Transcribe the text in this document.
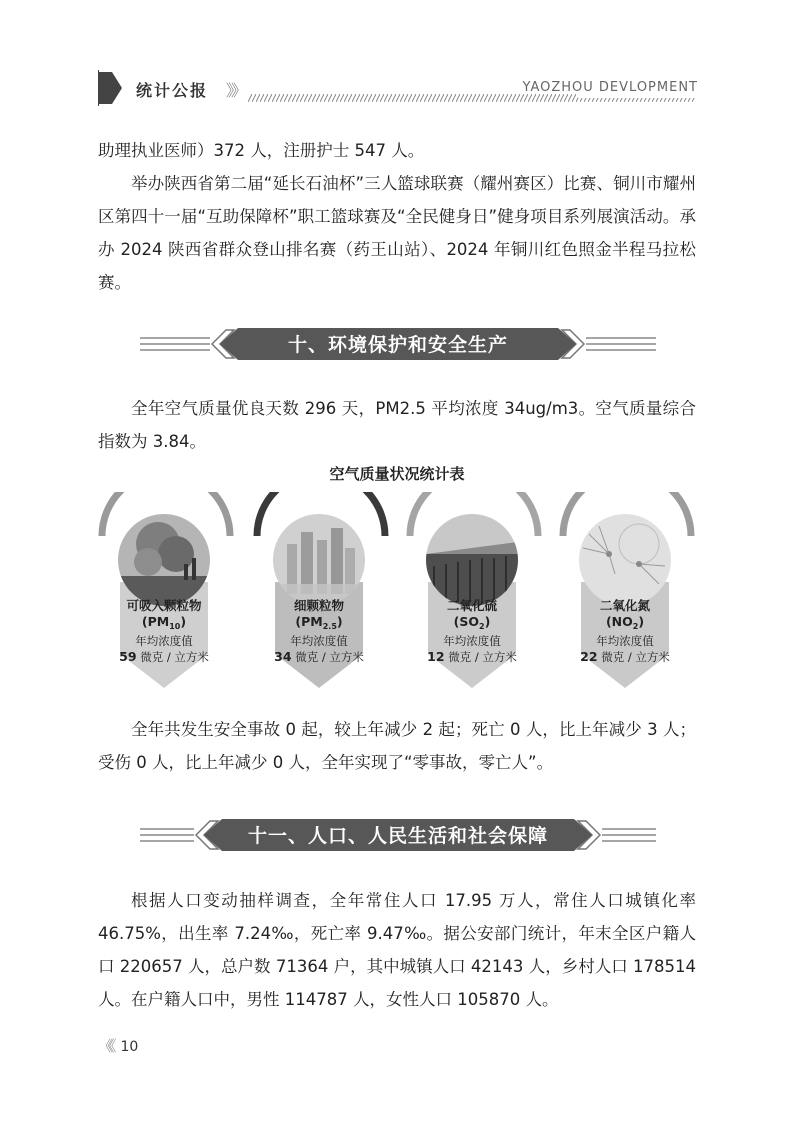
统计公报 》》	YAOZHOU DEVLOPMENT
助理执业医师）372 人，注册护士 547 人。
举办陕西省第二届“延长石油杯”三人篮球联赛（耀州赛区）比赛、铜川市耀州区第四十一届“互助保障杯”职工篮球赛及“全民健身日”健身项目系列展演活动。承办 2024 陕西省群众登山排名赛（药王山站）、2024 年铜川红色照金半程马拉松赛。
十、环境保护和安全生产
全年空气质量优良天数 296 天，PM2.5 平均浓度 34ug/m3。空气质量综合指数为 3.84。
空气质量状况统计表
可吸入颗粒物
$(PM_{10})$
年均浓度值
59 微克 / 立方米
细颗粒物
$(PM_{2.5})$
年均浓度值
34 微克 / 立方米
二氧化硫
$(SO_2)$
年均浓度值
12 微克 / 立方米
二氧化氮
$(NO_2)$
年均浓度值
22 微克 / 立方米
全年共发生安全事故 0 起，较上年减少 2 起；死亡 0 人，比上年减少 3 人；受伤 0 人，比上年减少 0 人，全年实现了“零事故，零亡人”。
十一、人口、人民生活和社会保障
根据人口变动抽样调查，全年常住人口 17.95 万人，常住人口城镇化率 46.75%，出生率 7.24‰，死亡率 9.47‰。据公安部门统计，年末全区户籍人口 220657 人，总户数 71364 户，其中城镇人口 42143 人，乡村人口 178514 人。在户籍人口中，男性 114787 人，女性人口 105870 人。
《《 10
